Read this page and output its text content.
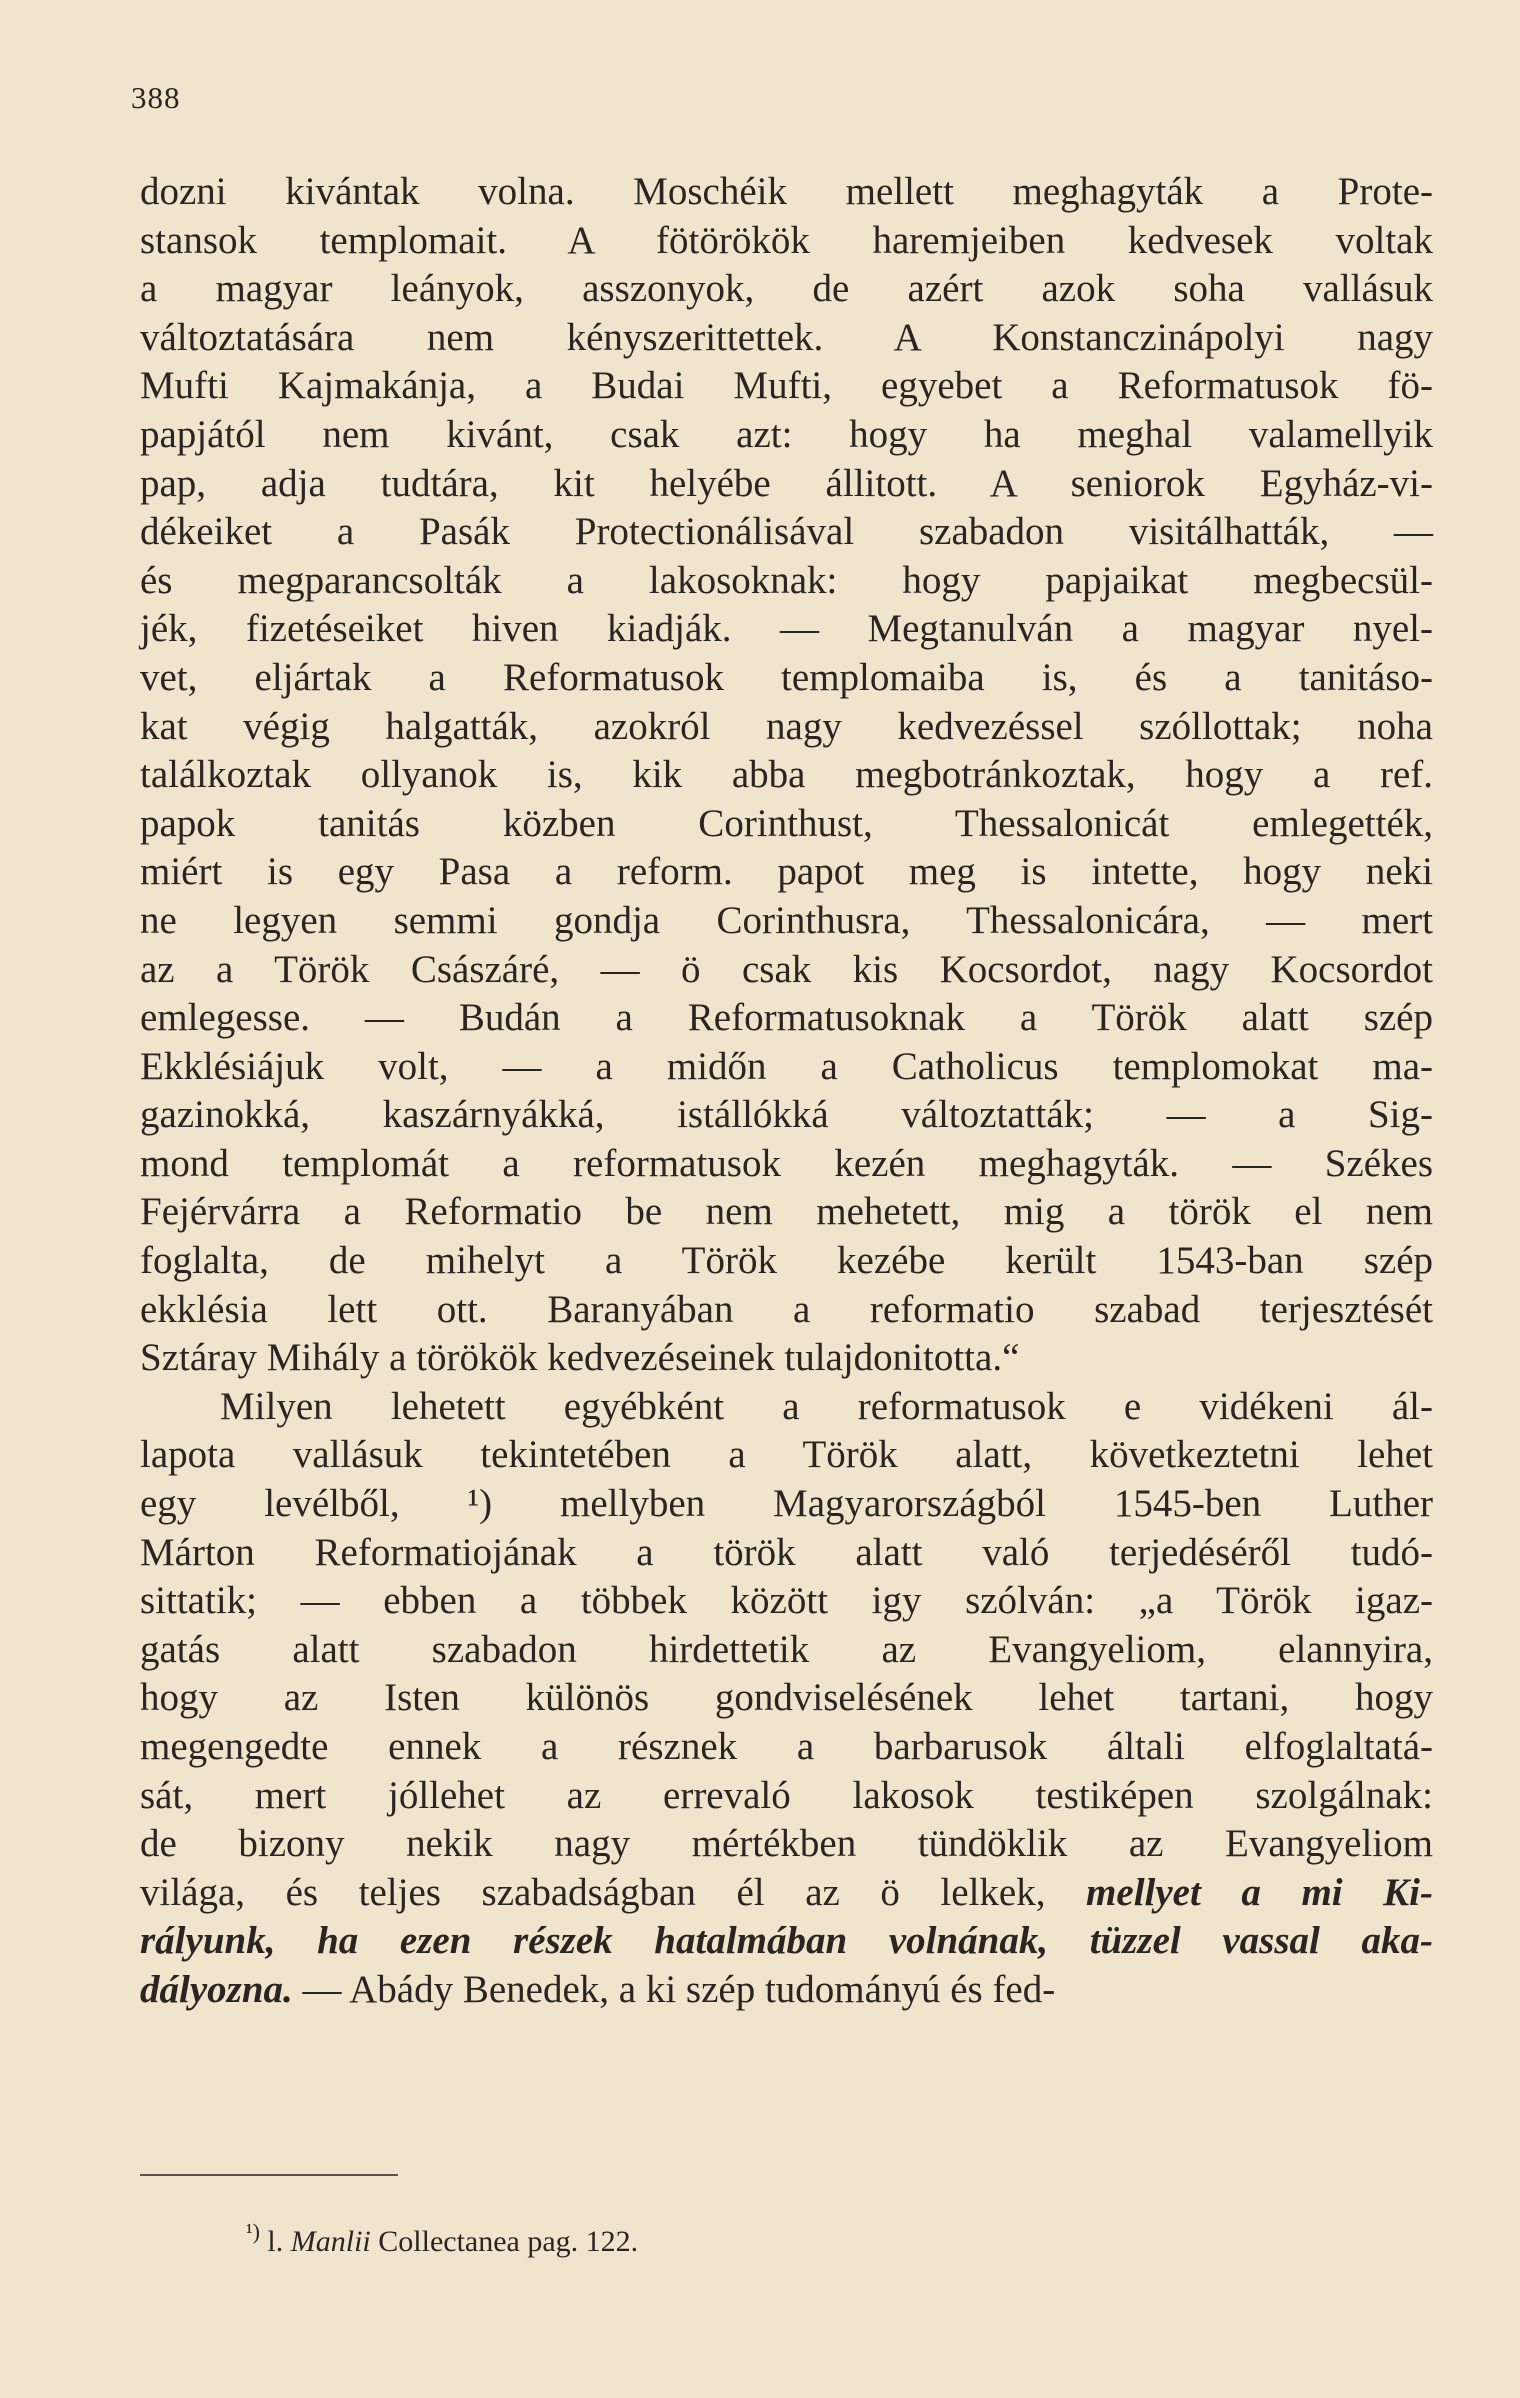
388
dozni kivántak volna. Moschéik mellett meghagyták a Prote-
stansok templomait. A fötörökök haremjeiben kedvesek voltak
a magyar leányok, asszonyok, de azért azok soha vallásuk
változtatására nem kényszerittettek. A Konstanczinápolyi nagy
Mufti Kajmakánja, a Budai Mufti, egyebet a Reformatusok fö-
papjától nem kivánt, csak azt: hogy ha meghal valamellyik
pap, adja tudtára, kit helyébe állitott. A seniorok Egyház-vi-
dékeiket a Pasák Protectionálisával szabadon visitálhatták, —
és megparancsolták a lakosoknak: hogy papjaikat megbecsül-
jék, fizetéseiket hiven kiadják. — Megtanulván a magyar nyel-
vet, eljártak a Reformatusok templomaiba is, és a tanitáso-
kat végig halgatták, azokról nagy kedvezéssel szóllottak; noha
találkoztak ollyanok is, kik abba megbotránkoztak, hogy a ref.
papok tanitás közben Corinthust, Thessalonicát emlegették,
miért is egy Pasa a reform. papot meg is intette, hogy neki
ne legyen semmi gondja Corinthusra, Thessalonicára, — mert
az a Török Császáré, — ö csak kis Kocsordot, nagy Kocsordot
emlegesse. — Budán a Reformatusoknak a Török alatt szép
Ekklésiájuk volt, — a midőn a Catholicus templomokat ma-
gazinokká, kaszárnyákká, istállókká változtatták; — a Sig-
mond templomát a reformatusok kezén meghagyták. — Székes
Fejérvárra a Reformatio be nem mehetett, mig a török el nem
foglalta, de mihelyt a Török kezébe került 1543-ban szép
ekklésia lett ott. Baranyában a reformatio szabad terjesztését
Sztáray Mihály a törökök kedvezéseinek tulajdonitotta.“
Milyen lehetett egyébként a reformatusok e vidékeni ál-
lapota vallásuk tekintetében a Török alatt, következtetni lehet
egy levélből, ¹) mellyben Magyarországból 1545-ben Luther
Márton Reformatiojának a török alatt való terjedéséről tudó-
sittatik; — ebben a többek között igy szólván: „a Török igaz-
gatás alatt szabadon hirdettetik az Evangyeliom, elannyira,
hogy az Isten különös gondviselésének lehet tartani, hogy
megengedte ennek a résznek a barbarusok általi elfoglaltatá-
sát, mert jóllehet az errevaló lakosok testiképen szolgálnak:
de bizony nekik nagy mértékben tündöklik az Evangyeliom
világa, és teljes szabadságban él az ö lelkek, mellyet a mi Ki-
rályunk, ha ezen részek hatalmában volnának, tüzzel vassal aka-
dályozna. — Abády Benedek, a ki szép tudományú és fed-
$^{^1)}$ l. Manlii Collectanea pag. 122.
